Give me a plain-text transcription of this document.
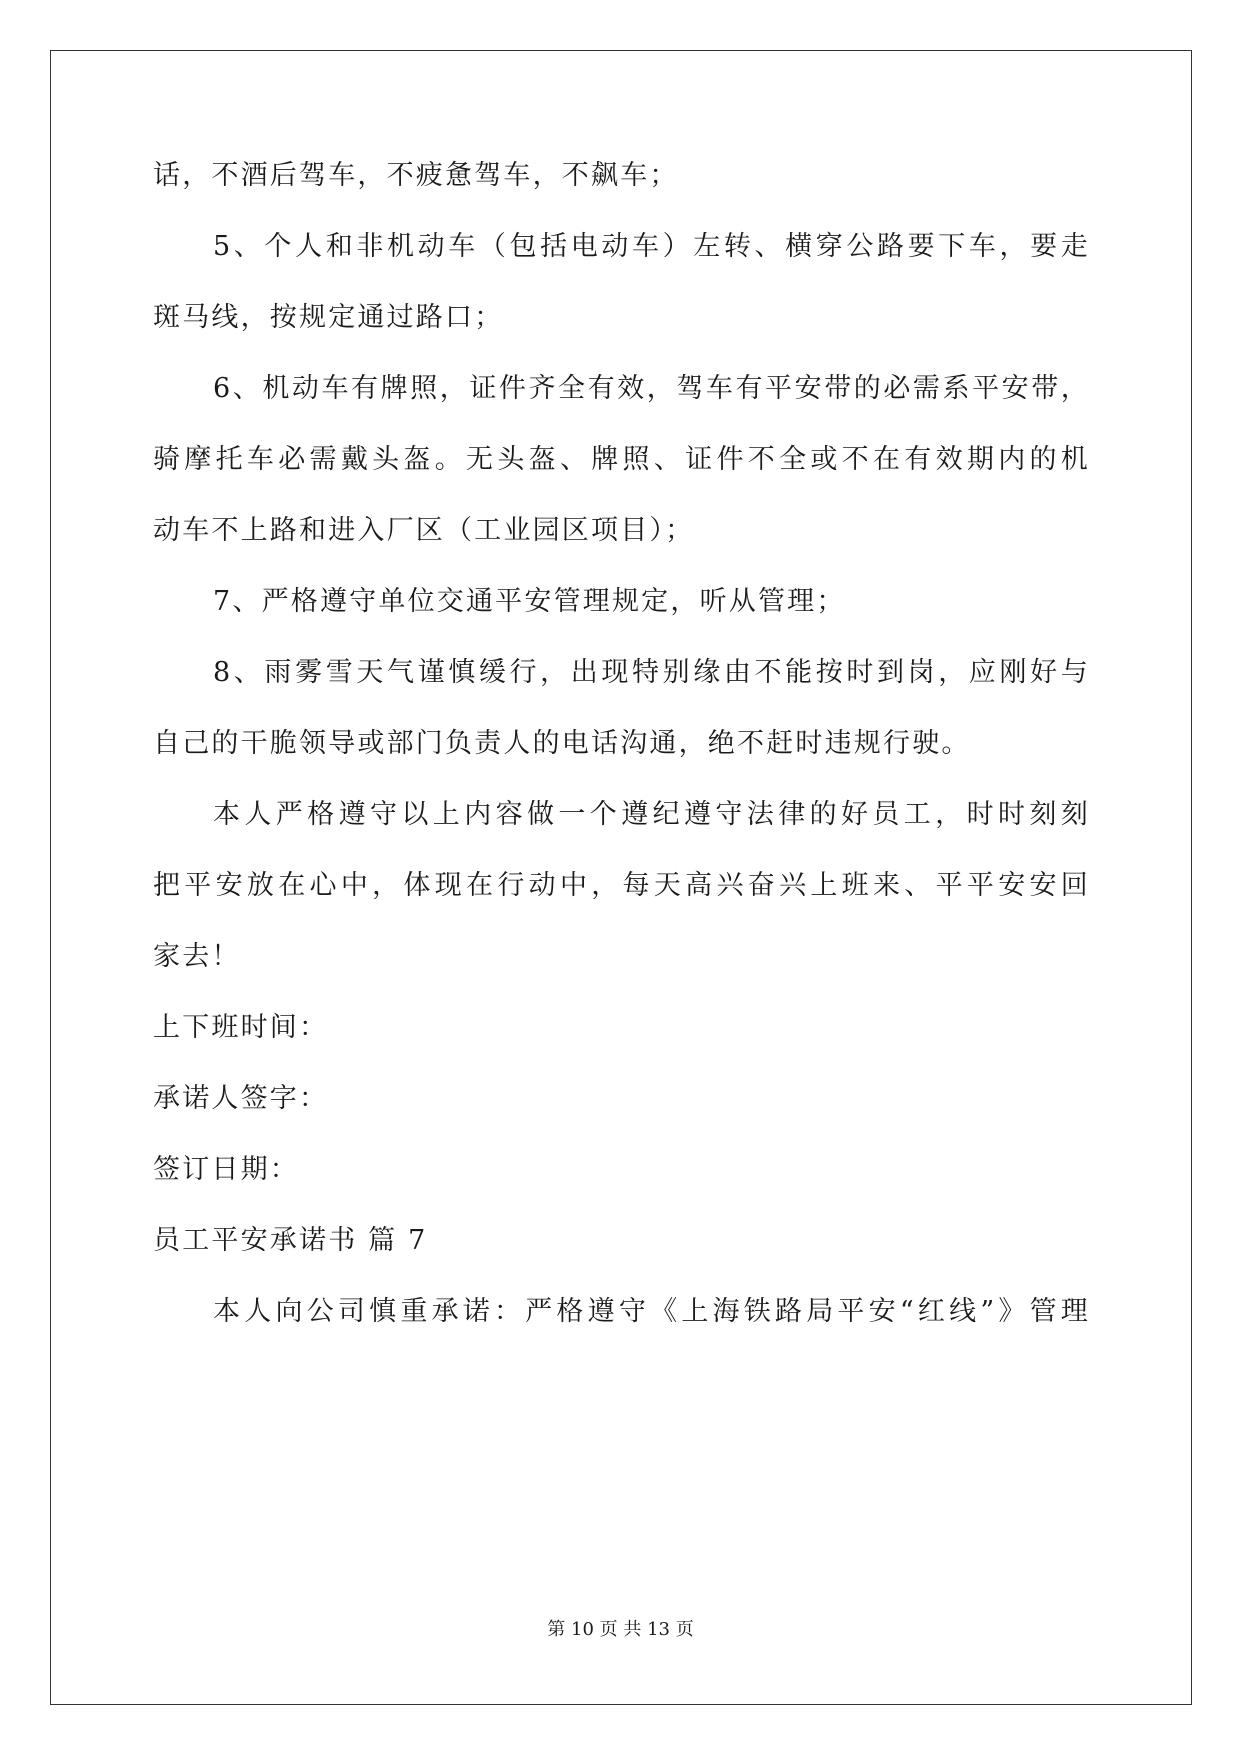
话，不酒后驾车，不疲惫驾车，不飙车；
5、个人和非机动车（包括电动车）左转、横穿公路要下车，要走
斑马线，按规定通过路口；
6、机动车有牌照，证件齐全有效，驾车有平安带的必需系平安带，
骑摩托车必需戴头盔。无头盔、牌照、证件不全或不在有效期内的机
动车不上路和进入厂区（工业园区项目）；
7、严格遵守单位交通平安管理规定，听从管理；
8、雨雾雪天气谨慎缓行，出现特别缘由不能按时到岗，应刚好与
自己的干脆领导或部门负责人的电话沟通，绝不赶时违规行驶。
本人严格遵守以上内容做一个遵纪遵守法律的好员工，时时刻刻
把平安放在心中，体现在行动中，每天高兴奋兴上班来、平平安安回
家去！
上下班时间：
承诺人签字：
签订日期：
员工平安承诺书 篇 7
本人向公司慎重承诺：严格遵守《上海铁路局平安“红线”》管理
第 10 页 共 13 页
